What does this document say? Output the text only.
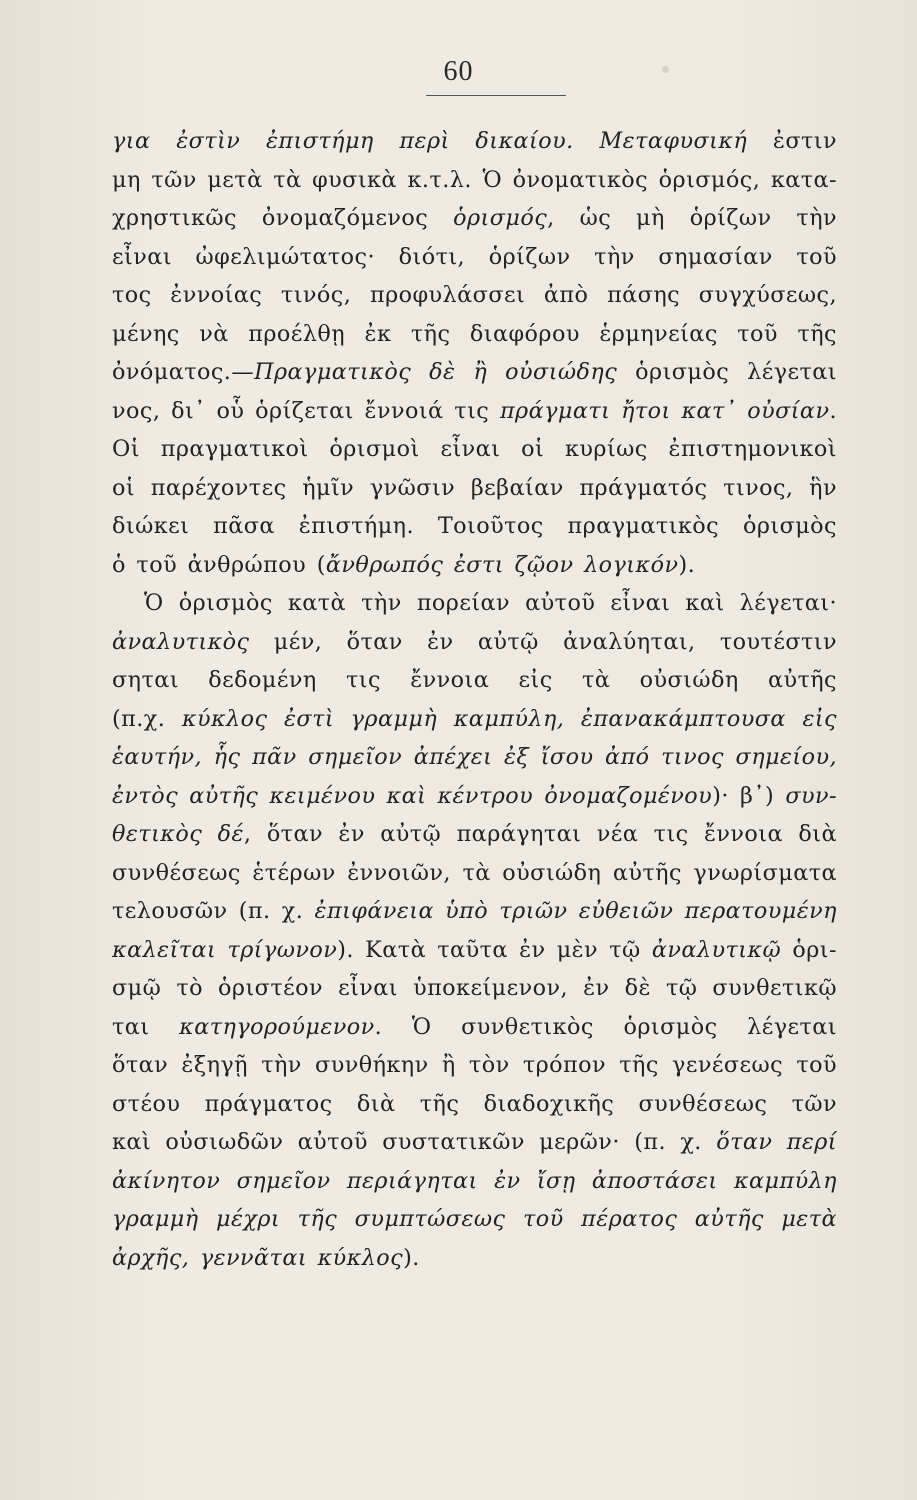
60
για ἐστὶν ἐπιστήμη περὶ δικαίου. Μεταφυσική ἐστιν
μη τῶν μετὰ τὰ φυσικὰ κ.τ.λ. Ὁ ὀνοματικὸς ὁρισμός, κατα-
χρηστικῶς ὀνομαζόμενος ὁρισμός, ὡς μὴ ὁρίζων τὴν
εἶναι ὠφελιμώτατος· διότι, ὁρίζων τὴν σημασίαν τοῦ
τος ἐννοίας τινός, προφυλάσσει ἀπὸ πάσης συγχύσεως,
μένης νὰ προέλθῃ ἐκ τῆς διαφόρου ἑρμηνείας τοῦ τῆς
ὀνόματος.—Πραγματικὸς δὲ ἢ οὐσιώδης ὁρισμὸς λέγεται
νος, δι᾽ οὗ ὁρίζεται ἔννοιά τις πράγματι ἤτοι κατ᾽ οὐσίαν.
Οἱ πραγματικοὶ ὁρισμοὶ εἶναι οἱ κυρίως ἐπιστημονικοὶ
οἱ παρέχοντες ἡμῖν γνῶσιν βεβαίαν πράγματός τινος, ἣν
διώκει πᾶσα ἐπιστήμη. Τοιοῦτος πραγματικὸς ὁρισμὸς
ὁ τοῦ ἀνθρώπου (ἄνθρωπός ἐστι ζῷον λογικόν).
Ὁ ὁρισμὸς κατὰ τὴν πορείαν αὐτοῦ εἶναι καὶ λέγεται·
ἀναλυτικὸς μέν, ὅταν ἐν αὐτῷ ἀναλύηται, τουτέστιν
σηται δεδομένη τις ἔννοια εἰς τὰ οὐσιώδη αὐτῆς
(π.χ. κύκλος ἐστὶ γραμμὴ καμπύλη, ἐπανακάμπτουσα εἰς
ἑαυτήν, ἧς πᾶν σημεῖον ἀπέχει ἐξ ἴσου ἀπό τινος σημείου,
ἐντὸς αὐτῆς κειμένου καὶ κέντρου ὀνομαζομένου)· β᾽) συν-
θετικὸς δέ, ὅταν ἐν αὐτῷ παράγηται νέα τις ἔννοια διὰ
συνθέσεως ἑτέρων ἐννοιῶν, τὰ οὐσιώδη αὐτῆς γνωρίσματα
τελουσῶν (π. χ. ἐπιφάνεια ὑπὸ τριῶν εὐθειῶν περατουμένη
καλεῖται τρίγωνον). Κατὰ ταῦτα ἐν μὲν τῷ ἀναλυτικῷ ὁρι-
σμῷ τὸ ὁριστέον εἶναι ὑποκείμενον, ἐν δὲ τῷ συνθετικῷ
ται κατηγορούμενον. Ὁ συνθετικὸς ὁρισμὸς λέγεται
ὅταν ἐξηγῇ τὴν συνθήκην ἢ τὸν τρόπον τῆς γενέσεως τοῦ
στέου πράγματος διὰ τῆς διαδοχικῆς συνθέσεως τῶν
καὶ οὐσιωδῶν αὐτοῦ συστατικῶν μερῶν· (π. χ. ὅταν περί
ἀκίνητον σημεῖον περιάγηται ἐν ἴσῃ ἀποστάσει καμπύλη
γραμμὴ μέχρι τῆς συμπτώσεως τοῦ πέρατος αὐτῆς μετὰ
ἀρχῆς, γεννᾶται κύκλος).
